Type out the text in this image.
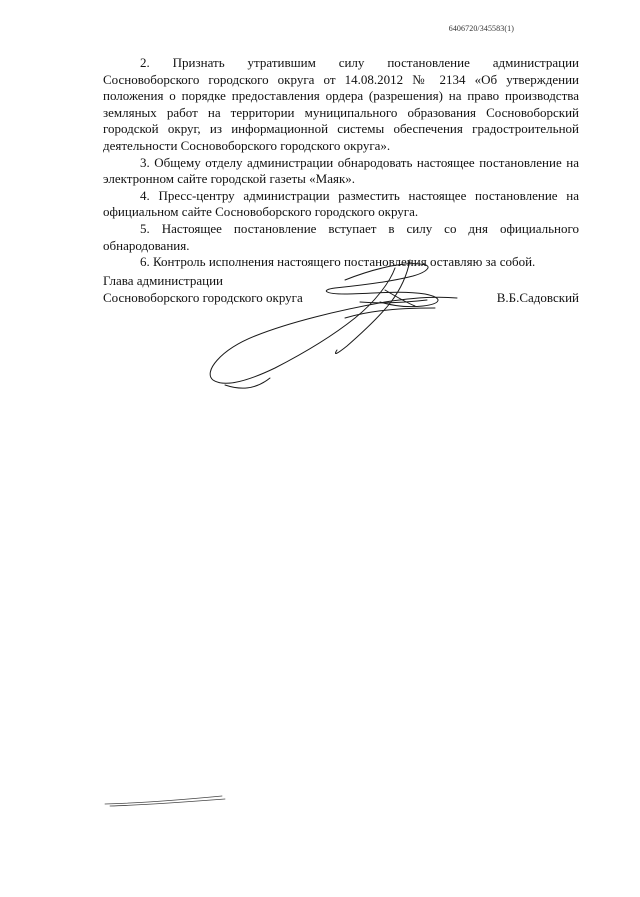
6406720/345583(1)

2. Признать утратившим силу постановление администрации Сосновоборского городского округа от 14.08.2012 № 2134 «Об утверждении положения о порядке предоставления ордера (разрешения) на право производства земляных работ на территории муниципального образования Сосновоборский городской округ, из информационной системы обеспечения градостроительной деятельности Сосновоборского городского округа».

3. Общему отделу администрации обнародовать настоящее постановление на электронном сайте городской газеты «Маяк».

4. Пресс-центру администрации разместить настоящее постановление на официальном сайте Сосновоборского городского округа.

5. Настоящее постановление вступает в силу со дня официального обнародования.

6. Контроль исполнения настоящего постановления оставляю за собой.

Глава администрации

Сосновоборского городского округа	В.Б.Садовский
